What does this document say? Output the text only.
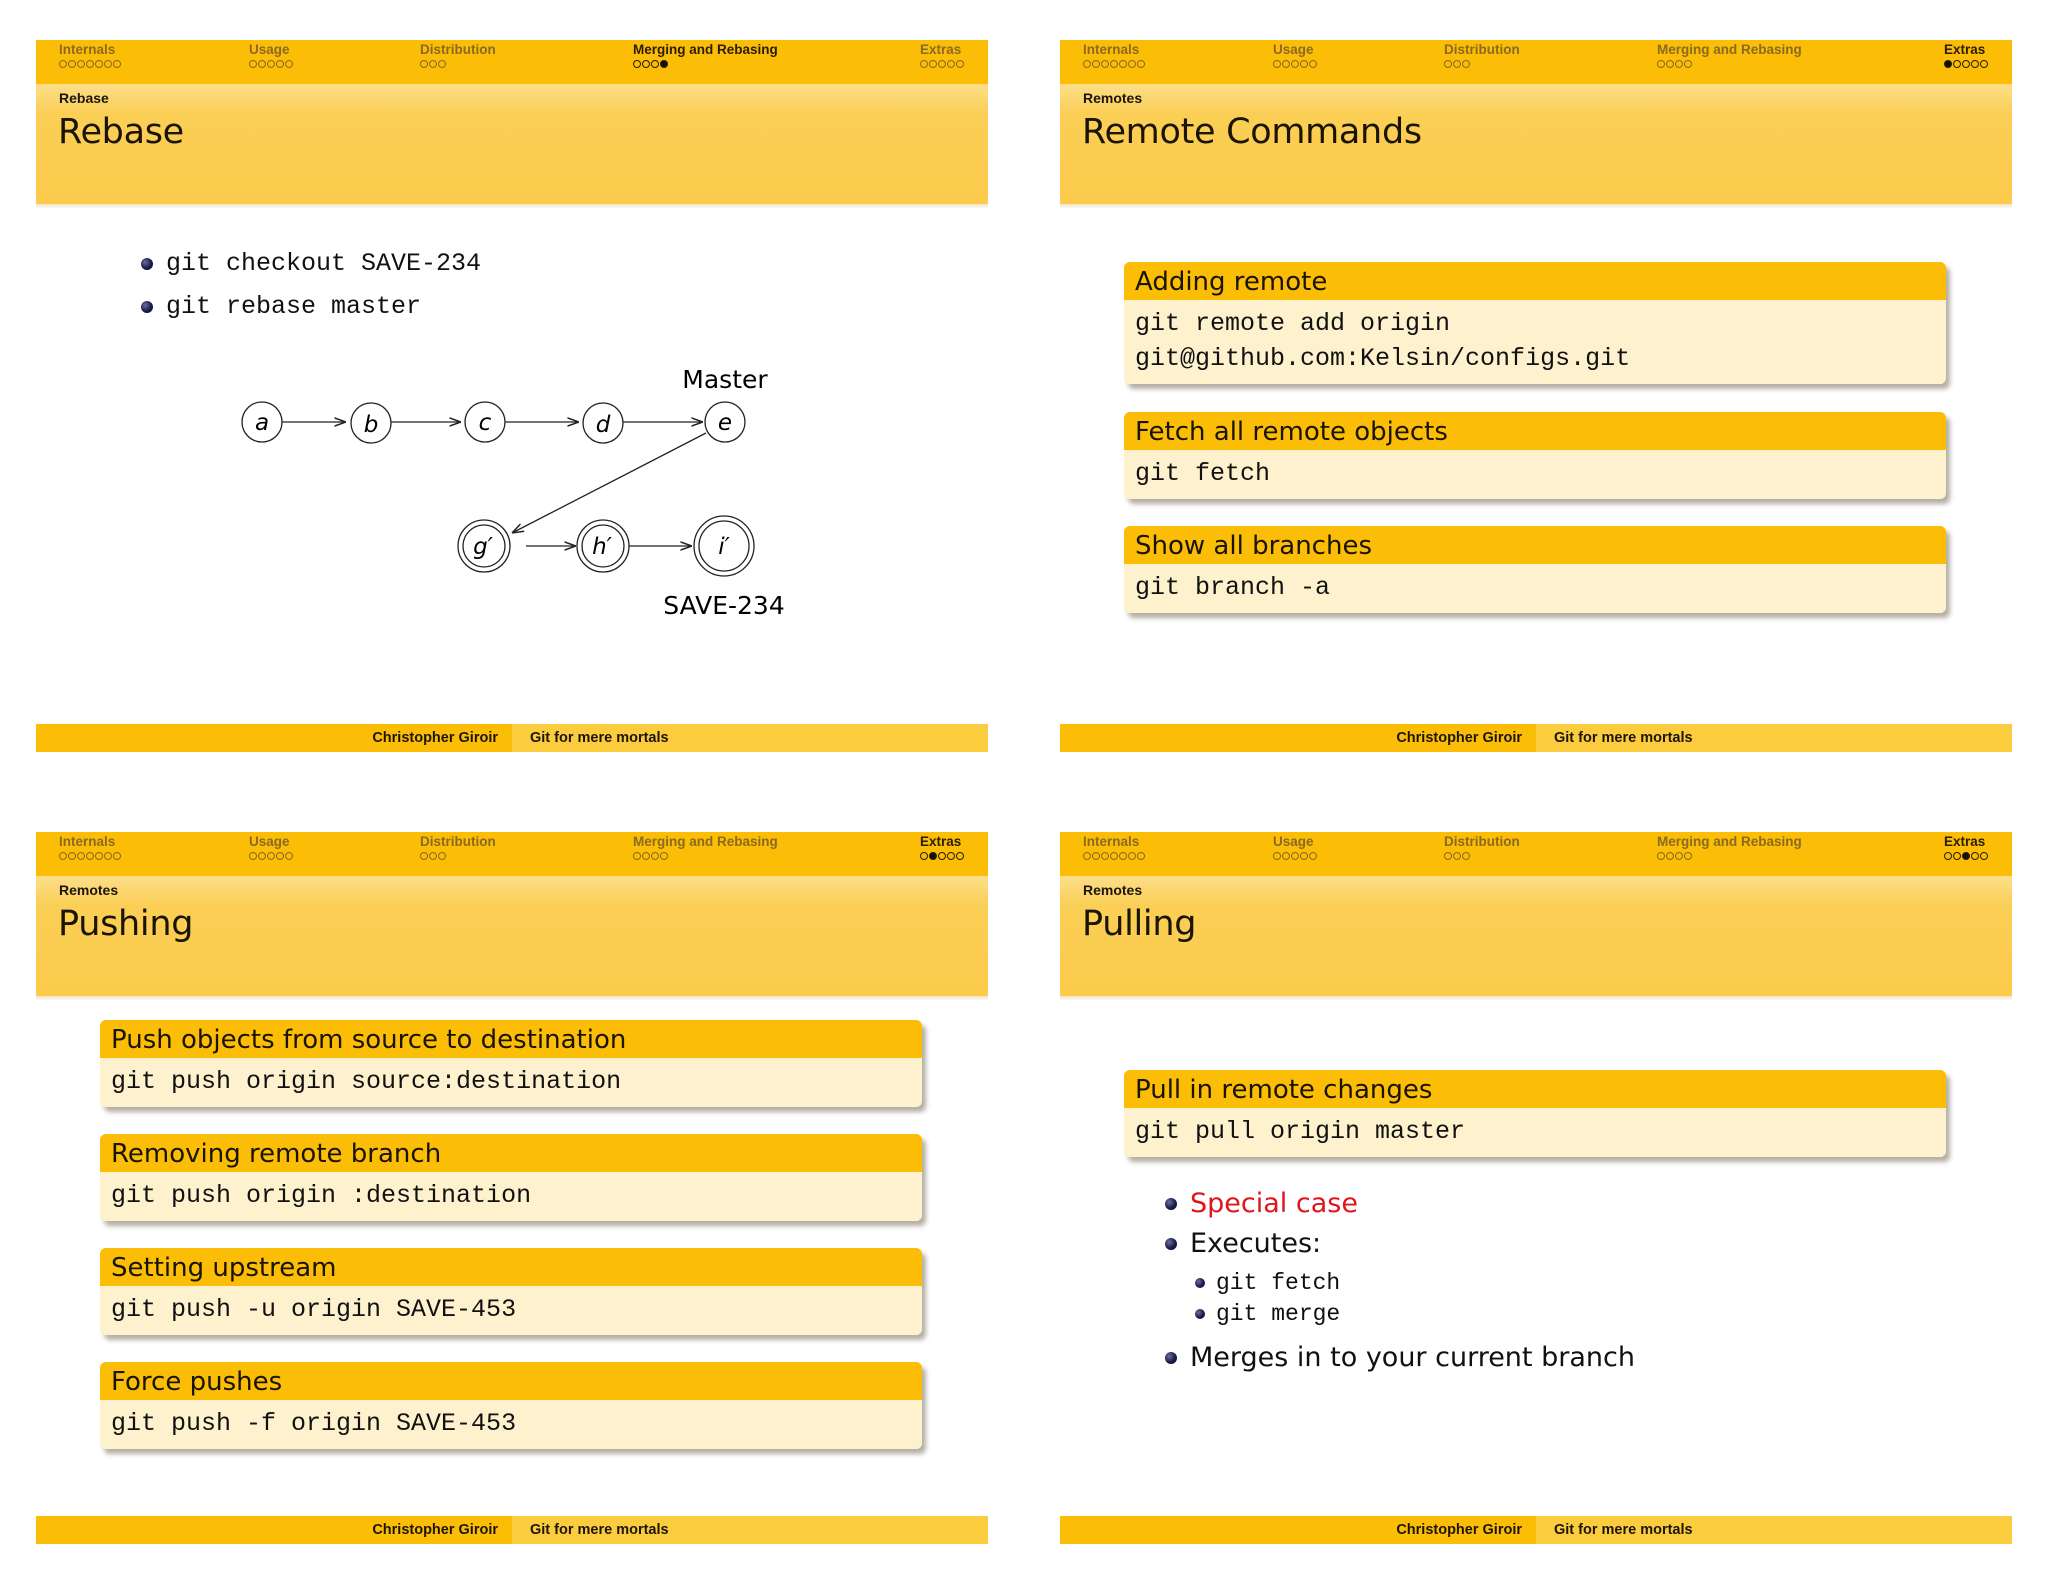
Internals	Usage	Distribution	Merging and Rebasing	Extras
Rebase
Rebase
git checkout SAVE-234
git rebase master
a	b	c	d	e
g′	h′	i′
Master
SAVE-234
Christopher Giroir Git for mere mortals
Internals	Usage	Distribution	Merging and Rebasing	Extras
Remotes
Remote Commands
Adding remote
git remote add origin
git@github.com:Kelsin/configs.git
Fetch all remote objects
git fetch
Show all branches
git branch -a
Christopher Giroir Git for mere mortals
Internals	Usage	Distribution	Merging and Rebasing	Extras
Remotes
Pushing
Push objects from source to destination
git push origin source:destination
Removing remote branch
git push origin :destination
Setting upstream
git push -u origin SAVE-453
Force pushes
git push -f origin SAVE-453
Christopher Giroir Git for mere mortals
Internals	Usage	Distribution	Merging and Rebasing	Extras
Remotes
Pulling
Pull in remote changes
git pull origin master
Special case
Executes:
git fetch
git merge
Merges in to your current branch
Christopher Giroir Git for mere mortals
